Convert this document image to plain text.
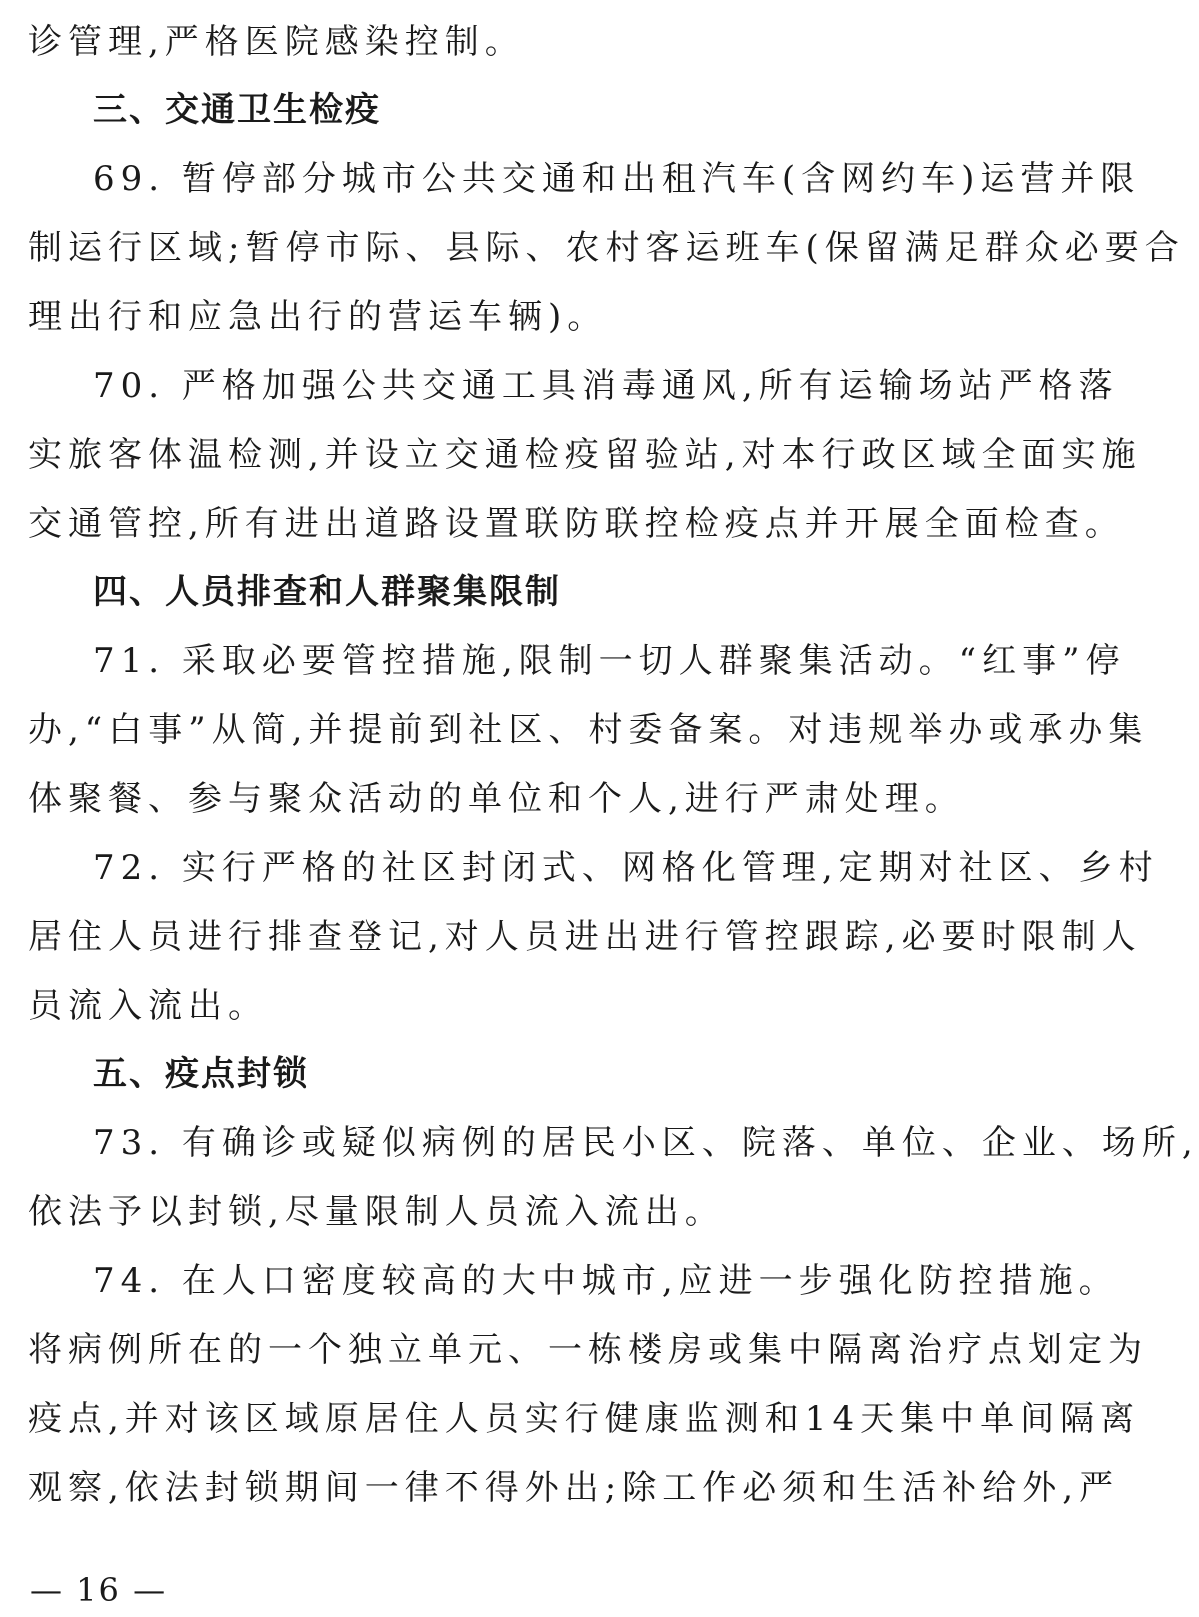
诊管理,严格医院感染控制。
三、交通卫生检疫
69. 暂停部分城市公共交通和出租汽车(含网约车)运营并限
制运行区域;暂停市际、县际、农村客运班车(保留满足群众必要合
理出行和应急出行的营运车辆)。
70. 严格加强公共交通工具消毒通风,所有运输场站严格落
实旅客体温检测,并设立交通检疫留验站,对本行政区域全面实施
交通管控,所有进出道路设置联防联控检疫点并开展全面检查。
四、人员排查和人群聚集限制
71. 采取必要管控措施,限制一切人群聚集活动。“红事”停
办,“白事”从简,并提前到社区、村委备案。对违规举办或承办集
体聚餐、参与聚众活动的单位和个人,进行严肃处理。
72. 实行严格的社区封闭式、网格化管理,定期对社区、乡村
居住人员进行排查登记,对人员进出进行管控跟踪,必要时限制人
员流入流出。
五、疫点封锁
73. 有确诊或疑似病例的居民小区、院落、单位、企业、场所,
依法予以封锁,尽量限制人员流入流出。
74. 在人口密度较高的大中城市,应进一步强化防控措施。
将病例所在的一个独立单元、一栋楼房或集中隔离治疗点划定为
疫点,并对该区域原居住人员实行健康监测和14天集中单间隔离
观察,依法封锁期间一律不得外出;除工作必须和生活补给外,严
— 16 —
